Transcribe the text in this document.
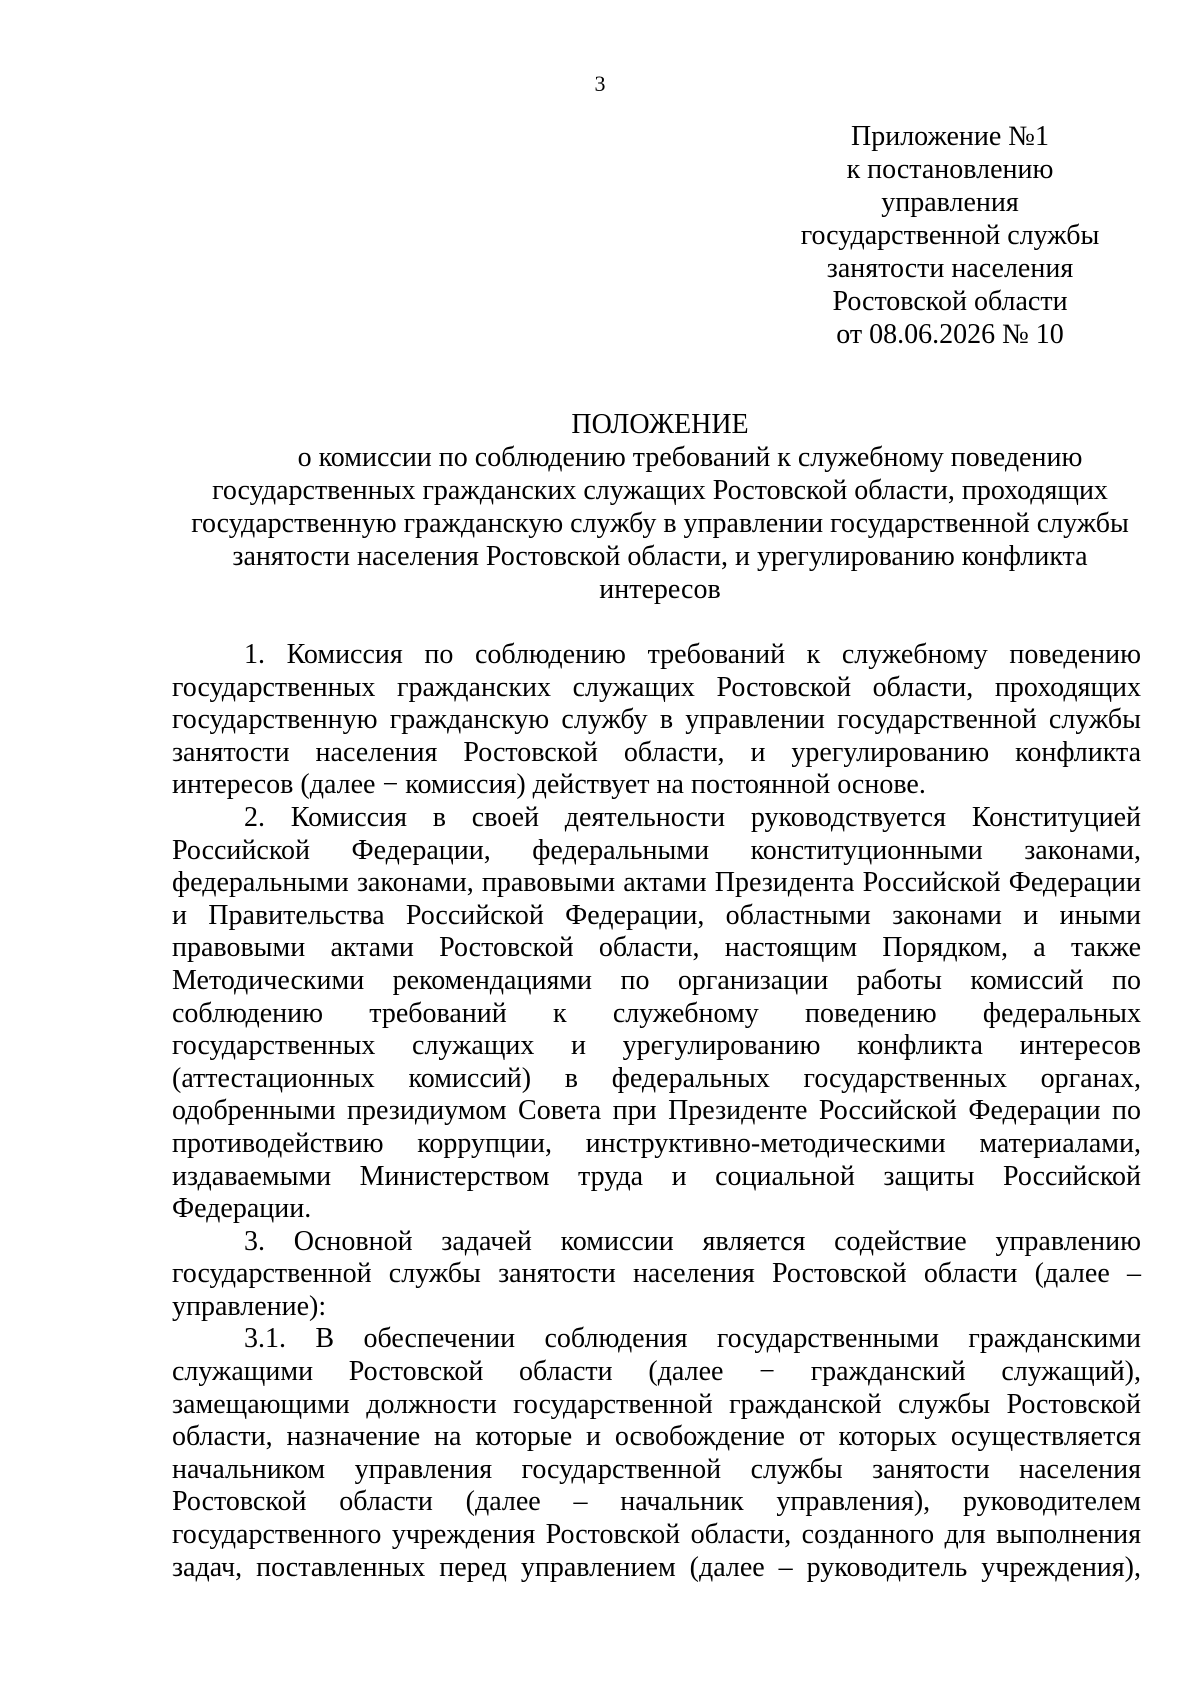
3
Приложение №1
к постановлению
управления
государственной службы
занятости населения
Ростовской области
от 08.06.2026 № 10
ПОЛОЖЕНИЕ
о комиссии по соблюдению требований к служебному поведению
государственных гражданских служащих Ростовской области, проходящих
государственную гражданскую службу в управлении государственной службы
занятости населения Ростовской области, и урегулированию конфликта
интересов

1. Комиссия по соблюдению требований к служебному поведению государственных гражданских служащих Ростовской области, проходящих государственную гражданскую службу в управлении государственной службы занятости населения Ростовской области, и урегулированию конфликта интересов (далее − комиссия) действует на постоянной основе.

2. Комиссия в своей деятельности руководствуется Конституцией Российской Федерации, федеральными конституционными законами, федеральными законами, правовыми актами Президента Российской Федерации и Правительства Российской Федерации, областными законами и иными правовыми актами Ростовской области, настоящим Порядком, а также Методическими рекомендациями по организации работы комиссий по соблюдению требований к служебному поведению федеральных государственных служащих и урегулированию конфликта интересов (аттестационных комиссий) в федеральных государственных органах, одобренными президиумом Совета при Президенте Российской Федерации по противодействию коррупции, инструктивно-методическими материалами, издаваемыми Министерством труда и социальной защиты Российской Федерации.

3. Основной задачей комиссии является содействие управлению государственной службы занятости населения Ростовской области (далее – управление):

3.1. В обеспечении соблюдения государственными гражданскими служащими Ростовской области (далее − гражданский служащий), замещающими должности государственной гражданской службы Ростовской области, назначение на которые и освобождение от которых осуществляется начальником управления государственной службы занятости населения Ростовской области (далее – начальник управления), руководителем государственного учреждения Ростовской области, созданного для выполнения задач, поставленных перед управлением (далее – руководитель учреждения),
